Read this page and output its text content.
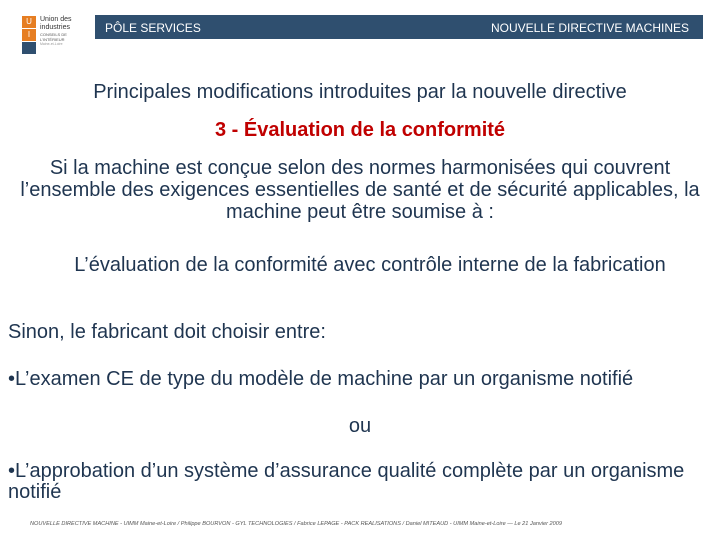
U
I
Union des
industries
CONSEILS DE L'INTÉRIEUR
Maine-et-Loire
PÔLE SERVICES	NOUVELLE DIRECTIVE MACHINES
Principales modifications introduites par la nouvelle directive
3 - Évaluation de la conformité
Si la machine est conçue selon des normes harmonisées qui couvrent l’ensemble des exigences essentielles de santé et de sécurité applicables, la machine peut être soumise à :
L’évaluation de la conformité avec contrôle interne de la fabrication
Sinon, le fabricant doit choisir entre:
•L’examen CE de type du modèle de machine par un organisme notifié
ou
•L’approbation d’un système d’assurance qualité complète par un organisme notifié
NOUVELLE DIRECTIVE MACHINE - UIMM Maine-et-Loire / Philippe BOURVON - GYL TECHNOLOGIES / Fabrice LEPAGE - PACK REALISATIONS / Daniel MITEAUD - UIMM Maine-et-Loire — Le 21 Janvier 2009
